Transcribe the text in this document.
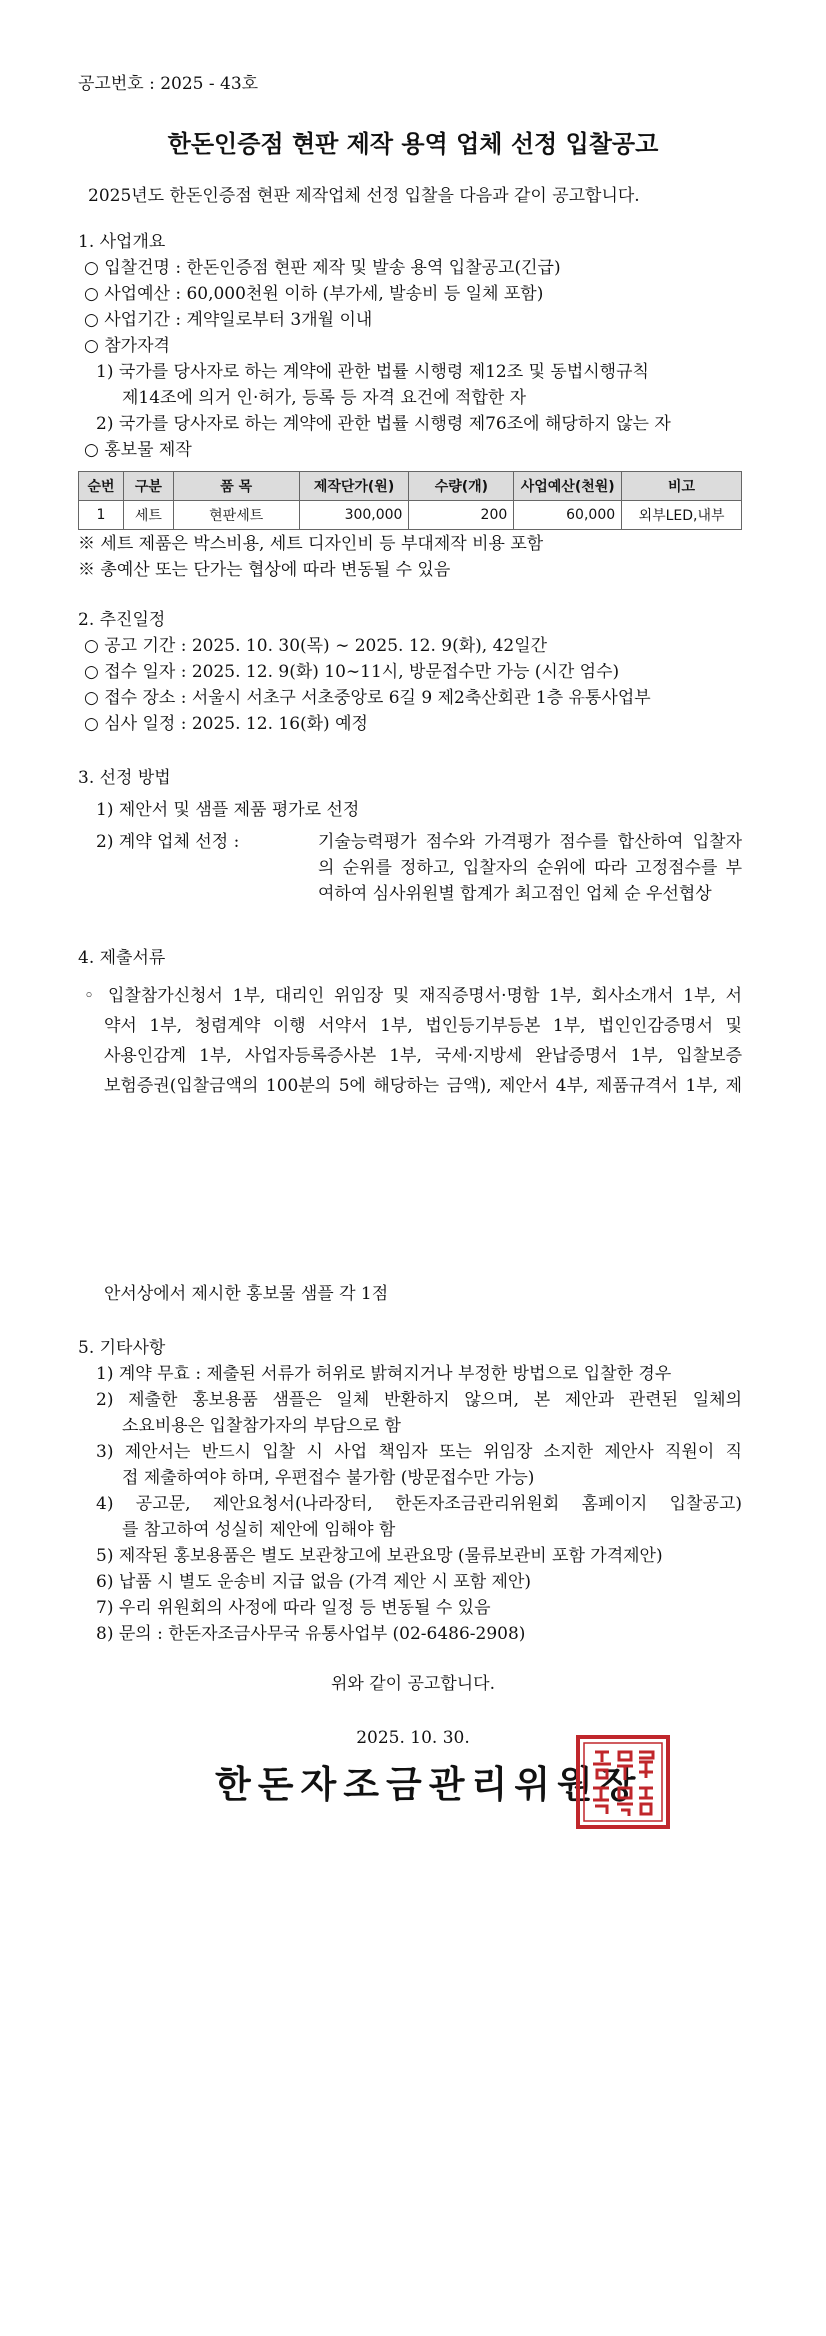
공고번호 : 2025 - 43호
한돈인증점 현판 제작 용역 업체 선정 입찰공고
2025년도 한돈인증점 현판 제작업체 선정 입찰을 다음과 같이 공고합니다.
1. 사업개요
○ 입찰건명 : 한돈인증점 현판 제작 및 발송 용역 입찰공고(긴급)
○ 사업예산 : 60,000천원 이하 (부가세, 발송비 등 일체 포함)
○ 사업기간 : 계약일로부터 3개월 이내
○ 참가자격
1) 국가를 당사자로 하는 계약에 관한 법률 시행령 제12조 및 동법시행규칙
제14조에 의거 인·허가, 등록 등 자격 요건에 적합한 자
2) 국가를 당사자로 하는 계약에 관한 법률 시행령 제76조에 해당하지 않는 자
○ 홍보물 제작
순번	구분	품 목	제작단가(원)	수량(개)	사업예산(천원)	비고
1	세트	현판세트	300,000	200	60,000	외부LED,내부
※ 세트 제품은 박스비용, 세트 디자인비 등 부대제작 비용 포함
※ 총예산 또는 단가는 협상에 따라 변동될 수 있음
2. 추진일정
○ 공고 기간 : 2025. 10. 30(목) ∼ 2025. 12. 9(화), 42일간
○ 접수 일자 : 2025. 12. 9(화) 10∼11시, 방문접수만 가능 (시간 엄수)
○ 접수 장소 : 서울시 서초구 서초중앙로 6길 9 제2축산회관 1층 유통사업부
○ 심사 일정 : 2025. 12. 16(화) 예정
3. 선정 방법
1) 제안서 및 샘플 제품 평가로 선정
2) 계약 업체 선정 :	기술능력평가 점수와 가격평가 점수를 합산하여 입찰자
의 순위를 정하고, 입찰자의 순위에 따라 고정점수를 부
여하여 심사위원별 합계가 최고점인 업체 순 우선협상
4. 제출서류
◦ 입찰참가신청서 1부, 대리인 위임장 및 재직증명서·명함 1부, 회사소개서 1부, 서
약서 1부, 청렴계약 이행 서약서 1부, 법인등기부등본 1부, 법인인감증명서 및
사용인감계 1부, 사업자등록증사본 1부, 국세·지방세 완납증명서 1부, 입찰보증
보험증권(입찰금액의 100분의 5에 해당하는 금액), 제안서 4부, 제품규격서 1부, 제
안서상에서 제시한 홍보물 샘플 각 1점
5. 기타사항
1) 계약 무효 : 제출된 서류가 허위로 밝혀지거나 부정한 방법으로 입찰한 경우
2) 제출한 홍보용품 샘플은 일체 반환하지 않으며, 본 제안과 관련된 일체의
소요비용은 입찰참가자의 부담으로 함
3) 제안서는 반드시 입찰 시 사업 책임자 또는 위임장 소지한 제안사 직원이 직
접 제출하여야 하며, 우편접수 불가함 (방문접수만 가능)
4) 공고문, 제안요청서(나라장터, 한돈자조금관리위원회 홈페이지 입찰공고)
를 참고하여 성실히 제안에 임해야 함
5) 제작된 홍보용품은 별도 보관창고에 보관요망 (물류보관비 포함 가격제안)
6) 납품 시 별도 운송비 지급 없음 (가격 제안 시 포함 제안)
7) 우리 위원회의 사정에 따라 일정 등 변동될 수 있음
8) 문의 : 한돈자조금사무국 유통사업부 (02-6486-2908)
위와 같이 공고합니다.
2025. 10. 30.
한돈자조금관리위원장
